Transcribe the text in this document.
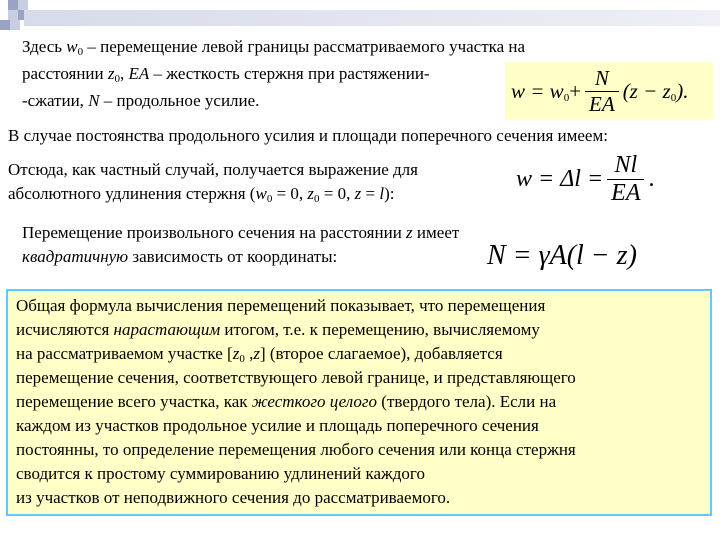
Здесь $w_0$ – перемещение левой границы рассматриваемого участка на
расстоянии $z_0$, EA – жесткость стержня при растяжении-
-сжатии, N – продольное усилие.	$w = w_0 + \frac{N}{EA} (z - z_0)$.
В случае постоянства продольного усилия и площади поперечного сечения имеем:
Отсюда, как частный случай, получается выражение для
абсолютного удлинения стержня ($w_0 = 0$, $z_0 = 0$, z = l):
$w = \Delta l = \frac{Nl}{EA}$ .
Перемещение произвольного сечения на расстоянии z имеет
квадратичную зависимость от координаты:	N = γA(l − z)
Общая формула вычисления перемещений показывает, что перемещения
исчисляются нарастающим итогом, т.е. к перемещению, вычисляемому
на рассматриваемом участке [$z_0$ ,z] (второе слагаемое), добавляется
перемещение сечения, соответствующего левой границе, и представляющего
перемещение всего участка, как жесткого целого (твердого тела). Если на
каждом из участков продольное усилие и площадь поперечного сечения
постоянны, то определение перемещения любого сечения или конца стержня
сводится к простому суммированию удлинений каждого
из участков от неподвижного сечения до рассматриваемого.
